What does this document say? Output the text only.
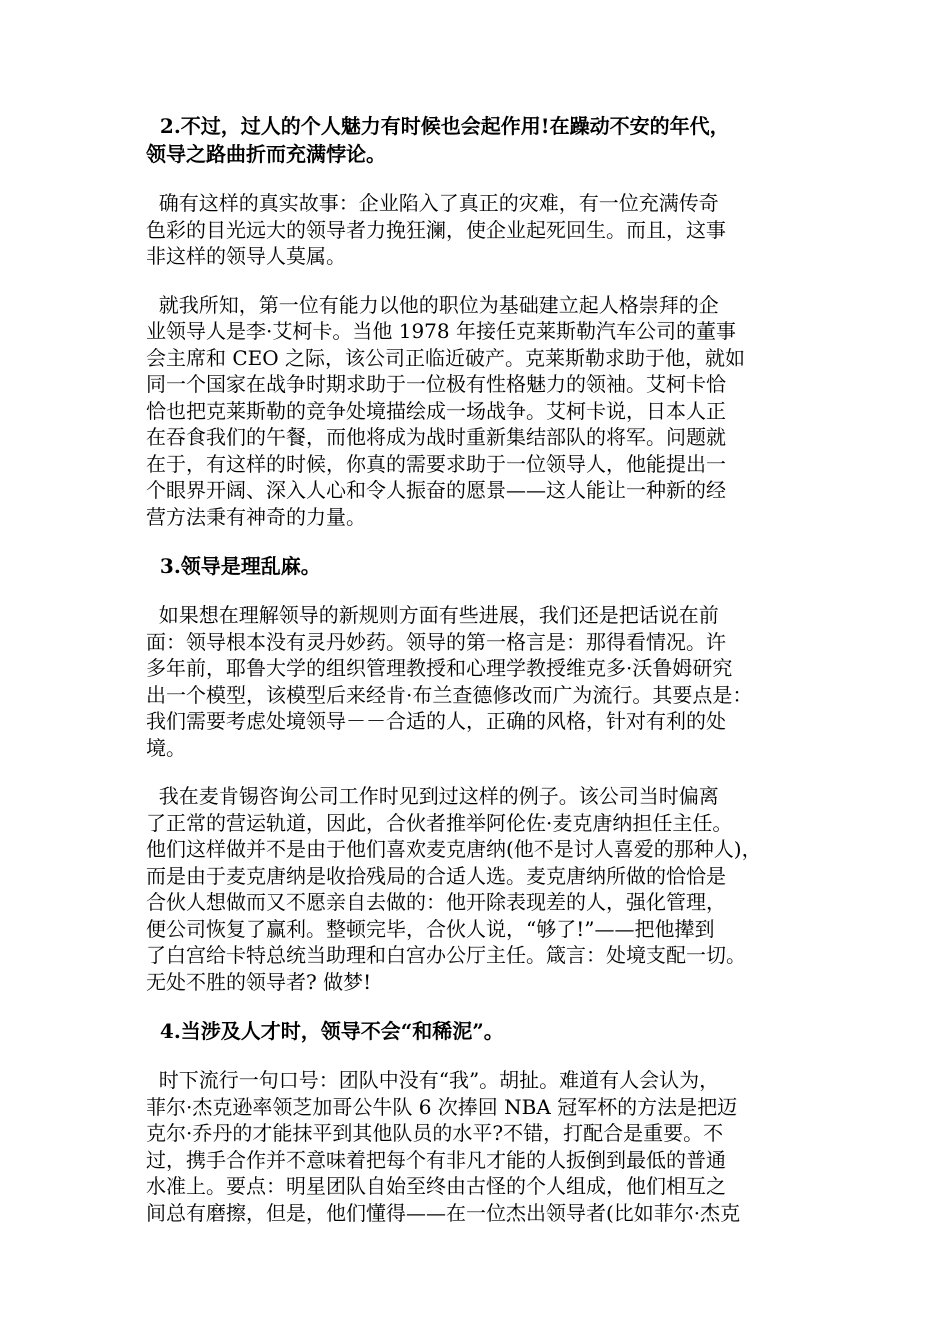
2.不过，过人的个人魅力有时候也会起作用!在躁动不安的年代，
领导之路曲折而充满悖论。
确有这样的真实故事：企业陷入了真正的灾难，有一位充满传奇
色彩的目光远大的领导者力挽狂澜，使企业起死回生。而且，这事
非这样的领导人莫属。
就我所知，第一位有能力以他的职位为基础建立起人格崇拜的企
业领导人是李·艾柯卡。当他 1978 年接任克莱斯勒汽车公司的董事
会主席和 CEO 之际，该公司正临近破产。克莱斯勒求助于他，就如
同一个国家在战争时期求助于一位极有性格魅力的领袖。艾柯卡恰
恰也把克莱斯勒的竞争处境描绘成一场战争。艾柯卡说，日本人正
在吞食我们的午餐，而他将成为战时重新集结部队的将军。问题就
在于，有这样的时候，你真的需要求助于一位领导人，他能提出一
个眼界开阔、深入人心和令人振奋的愿景——这人能让一种新的经
营方法秉有神奇的力量。
3.领导是理乱麻。
如果想在理解领导的新规则方面有些进展，我们还是把话说在前
面：领导根本没有灵丹妙药。领导的第一格言是：那得看情况。许
多年前，耶鲁大学的组织管理教授和心理学教授维克多·沃鲁姆研究
出一个模型，该模型后来经肯·布兰查德修改而广为流行。其要点是：
我们需要考虑处境领导－－合适的人，正确的风格，针对有利的处
境。
我在麦肯锡咨询公司工作时见到过这样的例子。该公司当时偏离
了正常的营运轨道，因此，合伙者推举阿伦佐·麦克唐纳担任主任。
他们这样做并不是由于他们喜欢麦克唐纳(他不是讨人喜爱的那种人)，
而是由于麦克唐纳是收拾残局的合适人选。麦克唐纳所做的恰恰是
合伙人想做而又不愿亲自去做的：他开除表现差的人，强化管理，
便公司恢复了赢利。整顿完毕，合伙人说，“够了!”——把他撵到
了白宫给卡特总统当助理和白宫办公厅主任。箴言：处境支配一切。
无处不胜的领导者? 做梦!
4.当涉及人才时，领导不会“和稀泥”。
时下流行一句口号：团队中没有“我”。胡扯。难道有人会认为，
菲尔·杰克逊率领芝加哥公牛队 6 次捧回 NBA 冠军杯的方法是把迈
克尔·乔丹的才能抹平到其他队员的水平?不错，打配合是重要。不
过，携手合作并不意味着把每个有非凡才能的人扳倒到最低的普通
水准上。要点：明星团队自始至终由古怪的个人组成，他们相互之
间总有磨擦，但是，他们懂得——在一位杰出领导者(比如菲尔·杰克
